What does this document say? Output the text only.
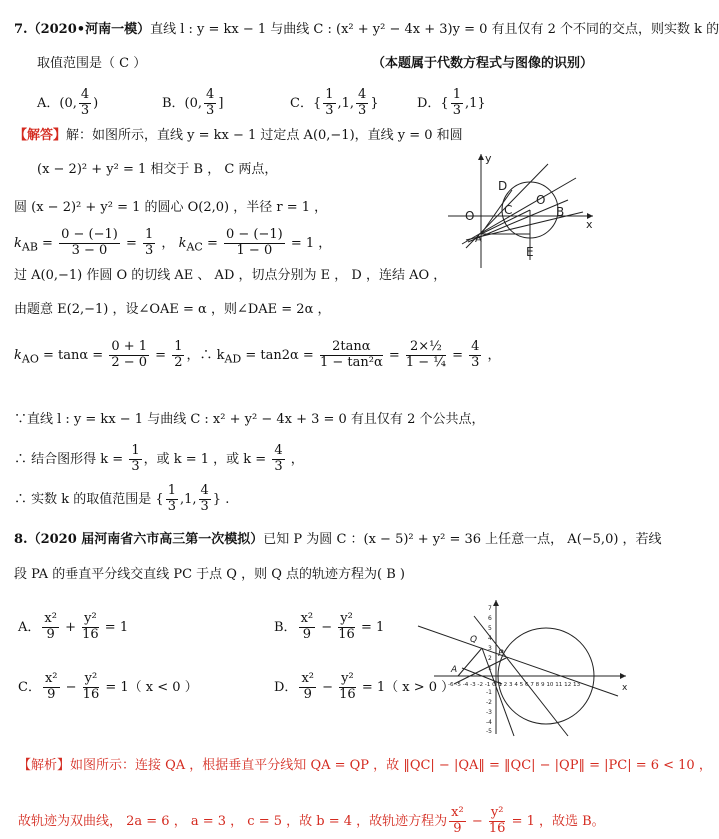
7.（2020•河南一模）直线 l : y = kx − 1 与曲线 C : (x² + y² − 4x + 3)y = 0 有且仅有 2 个不同的交点，则实数 k 的
取值范围是（ C ）	（本题属于代数方程式与图像的识别）
A．(0, $\frac{4}{3}$ )	B．(0, $\frac{4}{3}$ ]	C．{ $\frac{1}{3} ,1$, $\frac{4}{3}$ }	D．{ $\frac{1}{3} ,1$}
【解答】解：如图所示，直线 y = kx − 1 过定点 A(0,−1)，直线 y = 0 和圆
(x − 2)² + y² = 1 相交于 B ， C 两点，
圆 (x − 2)² + y² = 1 的圆心 O(2,0) ，半径 r = 1 ，
$k_{AB} = \frac{0 - (-1)}{3 - 0} = \frac{1}{3}$ ， $k_{AC} = \frac{0 - (-1)}{1 - 0} = 1$ ，
过 A(0,−1) 作圆 O 的切线 AE 、 AD ，切点分别为 E ， D ，连结 AO ，
由题意 E(2,−1) ，设∠OAE = α ，则∠DAE = 2α ，
$k_{AO} = \tan\alpha = \frac{0 + 1}{2 - 0} = \frac{1}{2}$ ，∴ $k_{AD} = \tan 2\alpha = \frac{2\tan\alpha}{\text{1 − tan²α}} = \frac{\text{2×½}}{\text{1 − ¼}} = \frac{4}{3}$ ，
∵直线 l : y = kx − 1 与曲线 C : x² + y² − 4x + 3 = 0 有且仅有 2 个公共点，
∴ 结合图形得 $k = \frac{1}{3}$ ，或 k = 1 ，或 $k = \frac{4}{3}$ ，
∴ 实数 k 的取值范围是 { $\frac{1}{3} ,1$, $\frac{4}{3}$ } .
y
x
O
D
C
O
B
E
A
8.（2020 届河南省六市高三第一次模拟）已知 P 为圆 C ：(x − 5)² + y² = 36 上任意一点， A(−5,0) ，若线
段 PA 的垂直平分线交直线 PC 于点 Q ，则 Q 点的轨迹方程为( B )
A． $\frac{\text{x²}}{9} + \frac{\text{y²}}{16} = 1$	B． $\frac{\text{x²}}{9} - \frac{\text{y²}}{16} = 1$
C． $\frac{\text{x²}}{9} - \frac{\text{y²}}{16} = 1$（ x < 0 ）	D． $\frac{\text{x²}}{9} - \frac{\text{y²}}{16} = 1$（ x > 0 ）
【解析】如图所示：连接 QA ，根据垂直平分线知 QA = QP ，故 ‖QC| − |QA‖ = ‖QC| − |QP‖ = |PC| = 6 < 10 ，
故轨迹为双曲线， 2a = 6 ， a = 3 ， c = 5 ，故 b = 4 ，故轨迹方程为 $\frac{\text{x²}}{9} - \frac{\text{y²}}{16} = 1$ ，故选 B。
Q
P
A
x
-6 -5 -4 -3 -2 -1 O 1 2 3 4 5 6 7 8 9 10 11 12 13
7
6
5
4
3
2
1
-1
-2
-3
-4
-5
